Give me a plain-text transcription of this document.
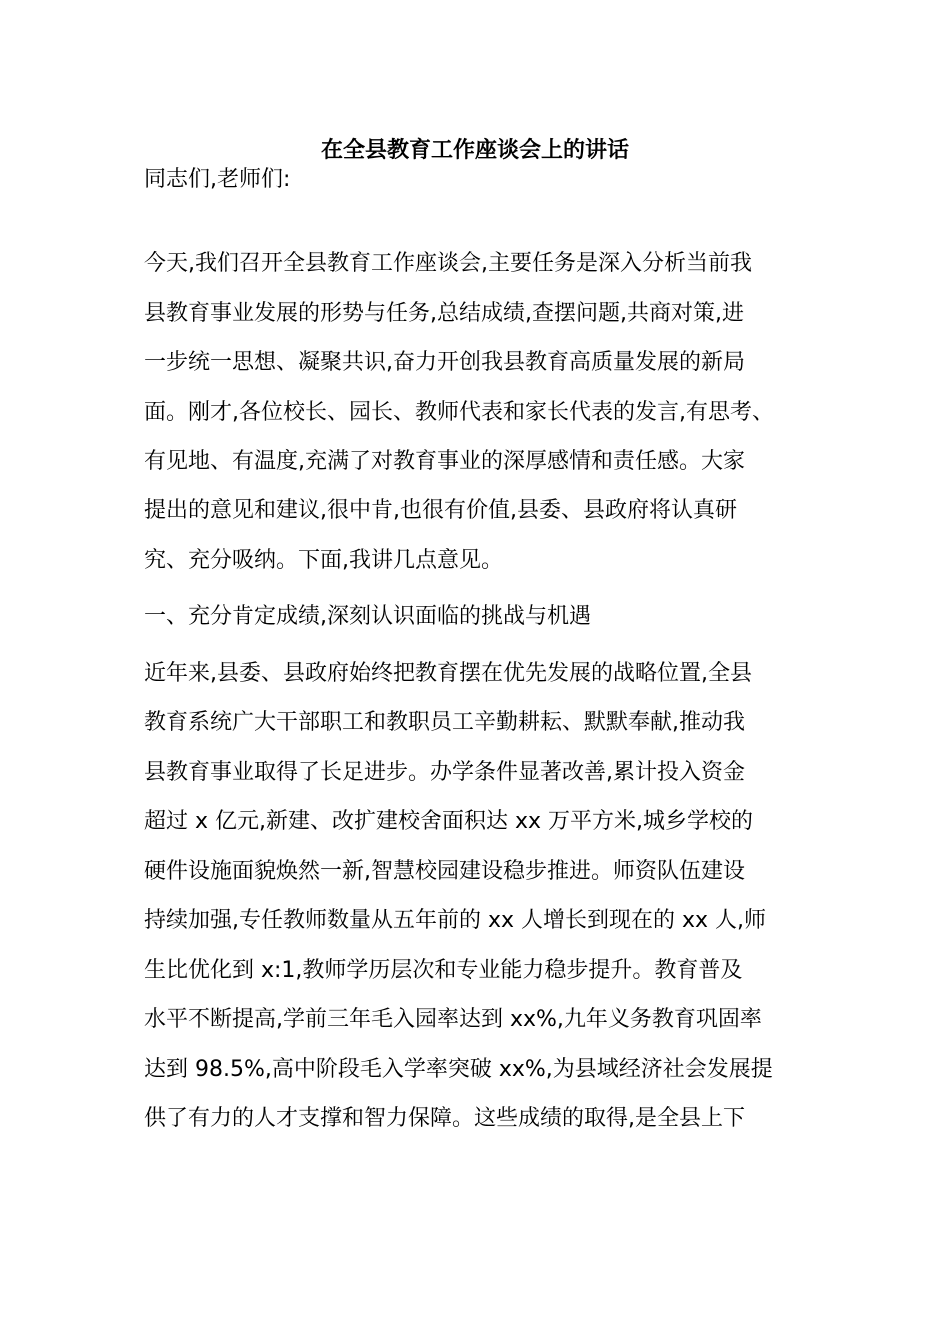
在全县教育工作座谈会上的讲话
同志们,老师们:
今天,我们召开全县教育工作座谈会,主要任务是深入分析当前我
县教育事业发展的形势与任务,总结成绩,查摆问题,共商对策,进
一步统一思想、凝聚共识,奋力开创我县教育高质量发展的新局
面。刚才,各位校长、园长、教师代表和家长代表的发言,有思考、
有见地、有温度,充满了对教育事业的深厚感情和责任感。大家
提出的意见和建议,很中肯,也很有价值,县委、县政府将认真研
究、充分吸纳。下面,我讲几点意见。
一、充分肯定成绩,深刻认识面临的挑战与机遇
近年来,县委、县政府始终把教育摆在优先发展的战略位置,全县
教育系统广大干部职工和教职员工辛勤耕耘、默默奉献,推动我
县教育事业取得了长足进步。办学条件显著改善,累计投入资金
超过 x 亿元,新建、改扩建校舍面积达 xx 万平方米,城乡学校的
硬件设施面貌焕然一新,智慧校园建设稳步推进。师资队伍建设
持续加强,专任教师数量从五年前的 xx 人增长到现在的 xx 人,师
生比优化到 x:1,教师学历层次和专业能力稳步提升。教育普及
水平不断提高,学前三年毛入园率达到 xx%,九年义务教育巩固率
达到 98.5%,高中阶段毛入学率突破 xx%,为县域经济社会发展提
供了有力的人才支撑和智力保障。这些成绩的取得,是全县上下
